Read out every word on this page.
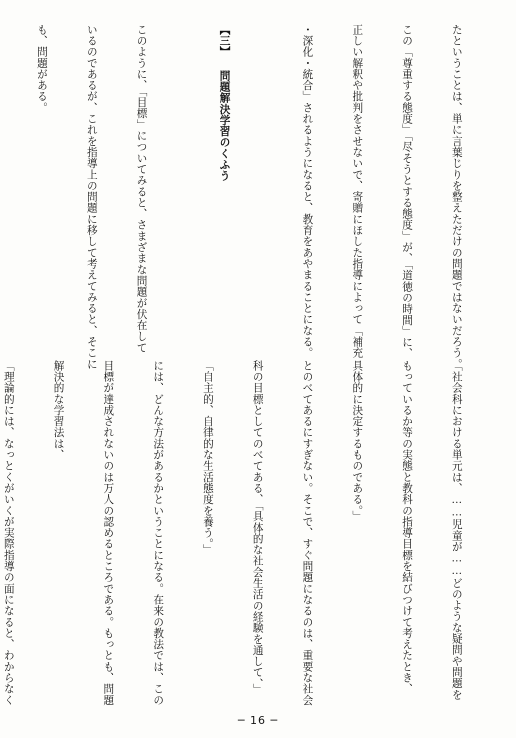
たということは、単に言葉じりを整えただけの問題ではないだろう。

この「尊重する態度」「尽そうとする態度」が、「道徳の時間」に、

正しい解釈や批判をさせないで、寄贈にほした指導によって「補充

・深化・統合」されるようになると、教育をあやまることになる。

【三】 問題解決学習のくふう

このように、「目標」についてみると、さまざまな問題が伏在して

いるのであるが、これを指導上の問題に移して考えてみると、そこに

も、問題がある。

「社会科における単元は、……児童が……どのような疑問や問題を

もっているか等の実態と教科の指導目標を結びつけて考えたとき、

具体的に決定するものである。」

とのべてあるにすぎない。そこで、すぐ問題になるのは、重要な社会

科の目標としてのべてある、「具体的な社会生活の経験を通して、」

「自主的、自律的な生活態度を養う。」

には、どんな方法があるかということになる。在来の教法では、この

目標が達成されないのは万人の認めるところである。もっとも、問題

解決的な学習法は、

「理論的には、なっとくがいくが実際指導の面になると、わからなく

─ 16 ─
